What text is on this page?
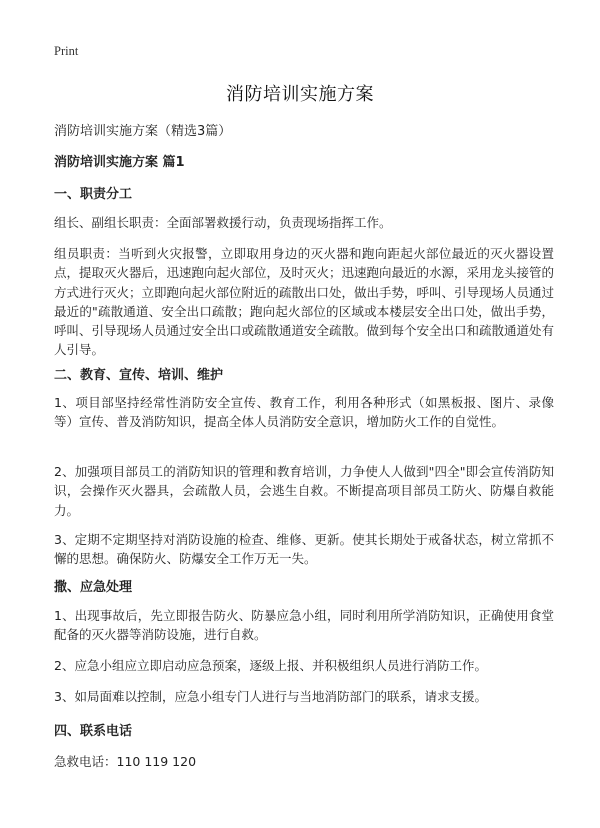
Print
消防培训实施方案
消防培训实施方案（精选3篇）
消防培训实施方案 篇1
一、职责分工
组长、副组长职责：全面部署救援行动，负责现场指挥工作。
组员职责：当听到火灾报警，立即取用身边的灭火器和跑向距起火部位最近的灭火器设置点，提取灭火器后，迅速跑向起火部位，及时灭火；迅速跑向最近的水源，采用龙头接管的方式进行灭火；立即跑向起火部位附近的疏散出口处，做出手势，呼叫、引导现场人员通过最近的"疏散通道、安全出口疏散；跑向起火部位的区域或本楼层安全出口处，做出手势，呼叫、引导现场人员通过安全出口或疏散通道安全疏散。做到每个安全出口和疏散通道处有人引导。
二、教育、宣传、培训、维护
1、项目部坚持经常性消防安全宣传、教育工作，利用各种形式（如黑板报、图片、录像等）宣传、普及消防知识，提高全体人员消防安全意识，增加防火工作的自觉性。
2、加强项目部员工的消防知识的管理和教育培训，力争使人人做到"四全"即会宣传消防知识，会操作灭火器具，会疏散人员，会逃生自救。不断提高项目部员工防火、防爆自救能力。
3、定期不定期坚持对消防设施的检查、维修、更新。使其长期处于戒备状态，树立常抓不懈的思想。确保防火、防爆安全工作万无一失。
撒、应急处理
1、出现事故后，先立即报告防火、防暴应急小组，同时利用所学消防知识，正确使用食堂配备的灭火器等消防设施，进行自救。
2、应急小组应立即启动应急预案，逐级上报、并积极组织人员进行消防工作。
3、如局面难以控制，应急小组专门人进行与当地消防部门的联系，请求支援。
四、联系电话
急救电话：110 119 120
